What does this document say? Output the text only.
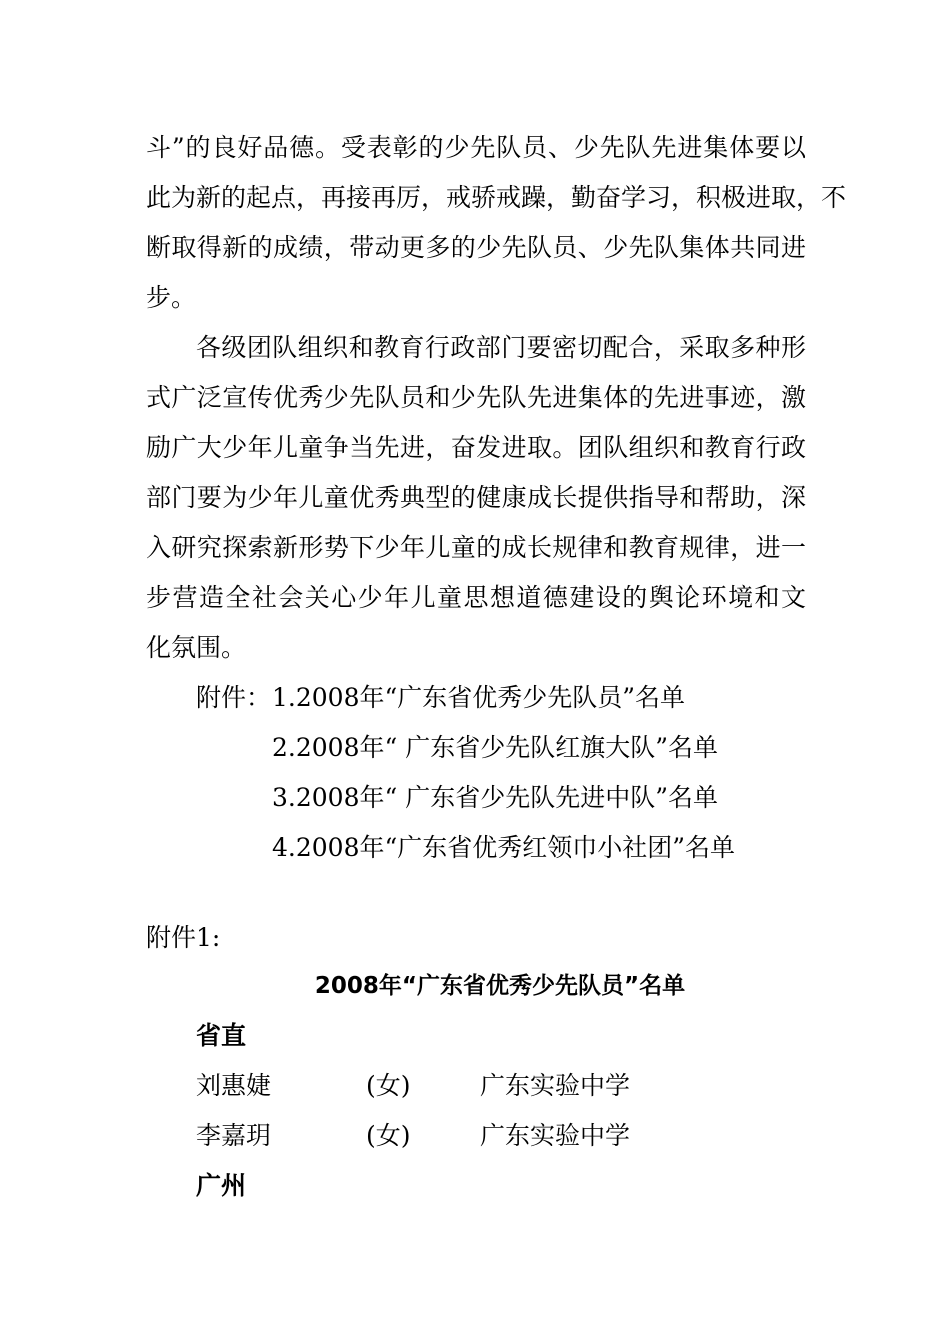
斗”的良好品德。受表彰的少先队员、少先队先进集体要以
此为新的起点，再接再厉，戒骄戒躁，勤奋学习，积极进取，不
断取得新的成绩，带动更多的少先队员、少先队集体共同进
步。
各级团队组织和教育行政部门要密切配合，采取多种形
式广泛宣传优秀少先队员和少先队先进集体的先进事迹，激
励广大少年儿童争当先进，奋发进取。团队组织和教育行政
部门要为少年儿童优秀典型的健康成长提供指导和帮助，深
入研究探索新形势下少年儿童的成长规律和教育规律，进一
步营造全社会关心少年儿童思想道德建设的舆论环境和文
化氛围。
附件： 1.2008年“广东省优秀少先队员”名单
2.2008年“ 广东省少先队红旗大队”名单
3.2008年“ 广东省少先队先进中队”名单
4.2008年“广东省优秀红领巾小社团”名单
附件1:
2008年“广东省优秀少先队员”名单
省直
刘惠婕	(女)	广东实验中学
李嘉玥	(女)	广东实验中学
广州
